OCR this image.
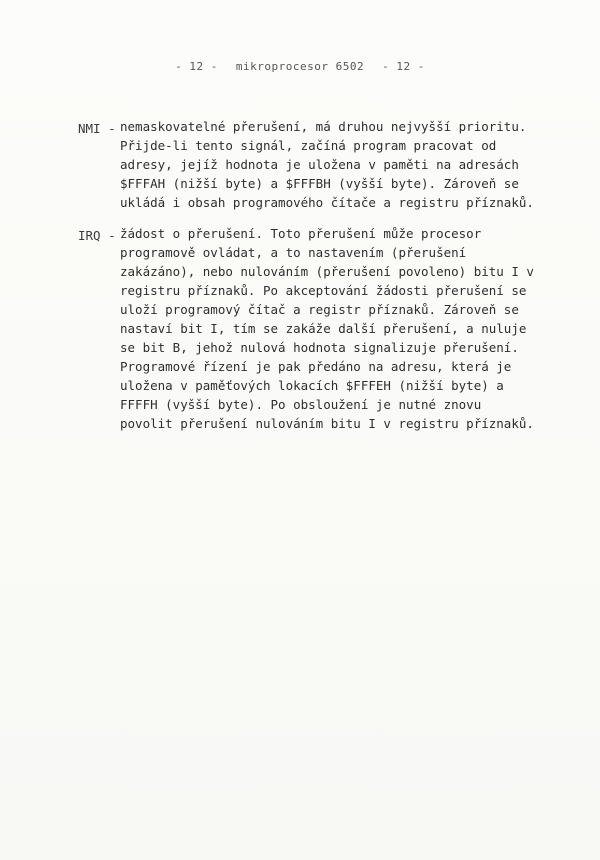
- 12 - mikroprocesor 6502 - 12 -
NMI - nemaskovatelné přerušení, má druhou nejvyšší prioritu.
Přijde-li tento signál, začíná program pracovat od
adresy, jejíž hodnota je uložena v paměti na adresách
$FFFAH (nižší byte) a $FFFBH (vyšší byte). Zároveň se
ukládá i obsah programového čítače a registru příznaků.
IRQ - žádost o přerušení. Toto přerušení může procesor
programově ovládat, a to nastavením (přerušení
zakázáno), nebo nulováním (přerušení povoleno) bitu I v
registru příznaků. Po akceptování žádosti přerušení se
uloží programový čítač a registr příznaků. Zároveň se
nastaví bit I, tím se zakáže další přerušení, a nuluje
se bit B, jehož nulová hodnota signalizuje přerušení.
Programové řízení je pak předáno na adresu, která je
uložena v paměťových lokacích $FFFEH (nižší byte) a
FFFFH (vyšší byte). Po obsloužení je nutné znovu
povolit přerušení nulováním bitu I v registru příznaků.
